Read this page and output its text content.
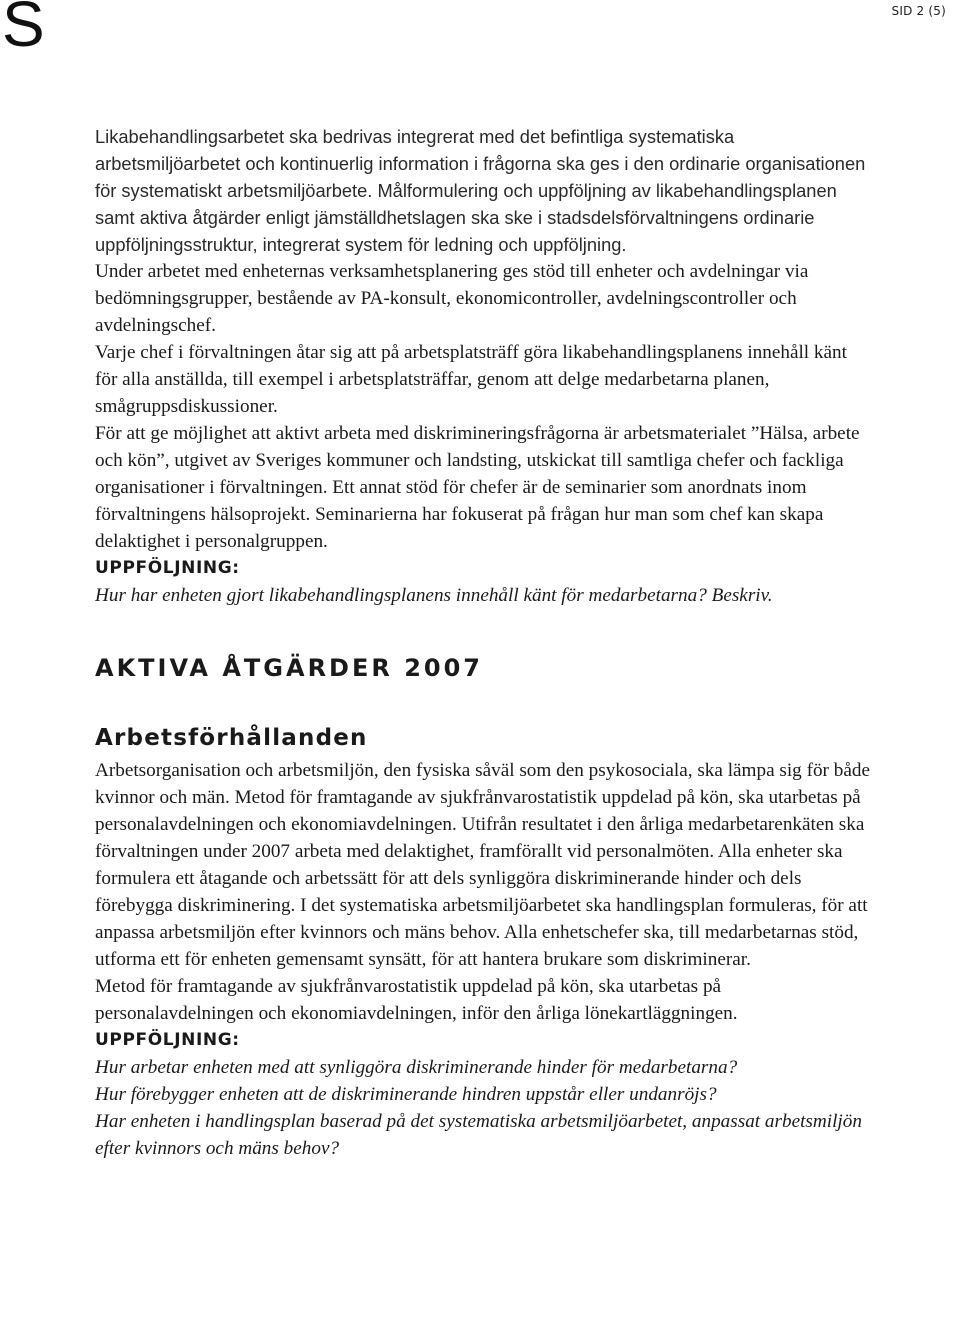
S	SID 2 (5)

Likabehandlingsarbetet ska bedrivas integrerat med det befintliga systematiska arbetsmiljöarbetet och kontinuerlig information i frågorna ska ges i den ordinarie organisationen för systematiskt arbetsmiljöarbete. Målformulering och uppföljning av likabehandlingsplanen samt aktiva åtgärder enligt jämställdhetslagen ska ske i stadsdelsförvaltningens ordinarie uppföljningsstruktur, integrerat system för ledning och uppföljning.

Under arbetet med enheternas verksamhetsplanering ges stöd till enheter och avdelningar via bedömningsgrupper, bestående av PA-konsult, ekonomicontroller, avdelningscontroller och avdelningschef.

Varje chef i förvaltningen åtar sig att på arbetsplatsträff göra likabehandlingsplanens innehåll känt för alla anställda, till exempel i arbetsplatsträffar, genom att delge medarbetarna planen, smågruppsdiskussioner.

För att ge möjlighet att aktivt arbeta med diskrimineringsfrågorna är arbetsmaterialet ”Hälsa, arbete och kön”, utgivet av Sveriges kommuner och landsting, utskickat till samtliga chefer och fackliga organisationer i förvaltningen. Ett annat stöd för chefer är de seminarier som anordnats inom förvaltningens hälsoprojekt. Seminarierna har fokuserat på frågan hur man som chef kan skapa delaktighet i personalgruppen.

UPPFÖLJNING:

Hur har enheten gjort likabehandlingsplanens innehåll känt för medarbetarna? Beskriv.

AKTIVA ÅTGÄRDER 2007
Arbetsförhållanden

Arbetsorganisation och arbetsmiljön, den fysiska såväl som den psykosociala, ska lämpa sig för både kvinnor och män. Metod för framtagande av sjukfrånvarostatistik uppdelad på kön, ska utarbetas på personalavdelningen och ekonomiavdelningen. Utifrån resultatet i den årliga medarbetarenkäten ska förvaltningen under 2007 arbeta med delaktighet, framförallt vid personalmöten. Alla enheter ska formulera ett åtagande och arbetssätt för att dels synliggöra diskriminerande hinder och dels förebygga diskriminering. I det systematiska arbetsmiljöarbetet ska handlingsplan formuleras, för att anpassa arbetsmiljön efter kvinnors och mäns behov. Alla enhetschefer ska, till medarbetarnas stöd, utforma ett för enheten gemensamt synsätt, för att hantera brukare som diskriminerar.

Metod för framtagande av sjukfrånvarostatistik uppdelad på kön, ska utarbetas på personalavdelningen och ekonomiavdelningen, inför den årliga lönekartläggningen.

UPPFÖLJNING:

Hur arbetar enheten med att synliggöra diskriminerande hinder för medarbetarna?

Hur förebygger enheten att de diskriminerande hindren uppstår eller undanröjs?

Har enheten i handlingsplan baserad på det systematiska arbetsmiljöarbetet, anpassat arbetsmiljön efter kvinnors och mäns behov?
